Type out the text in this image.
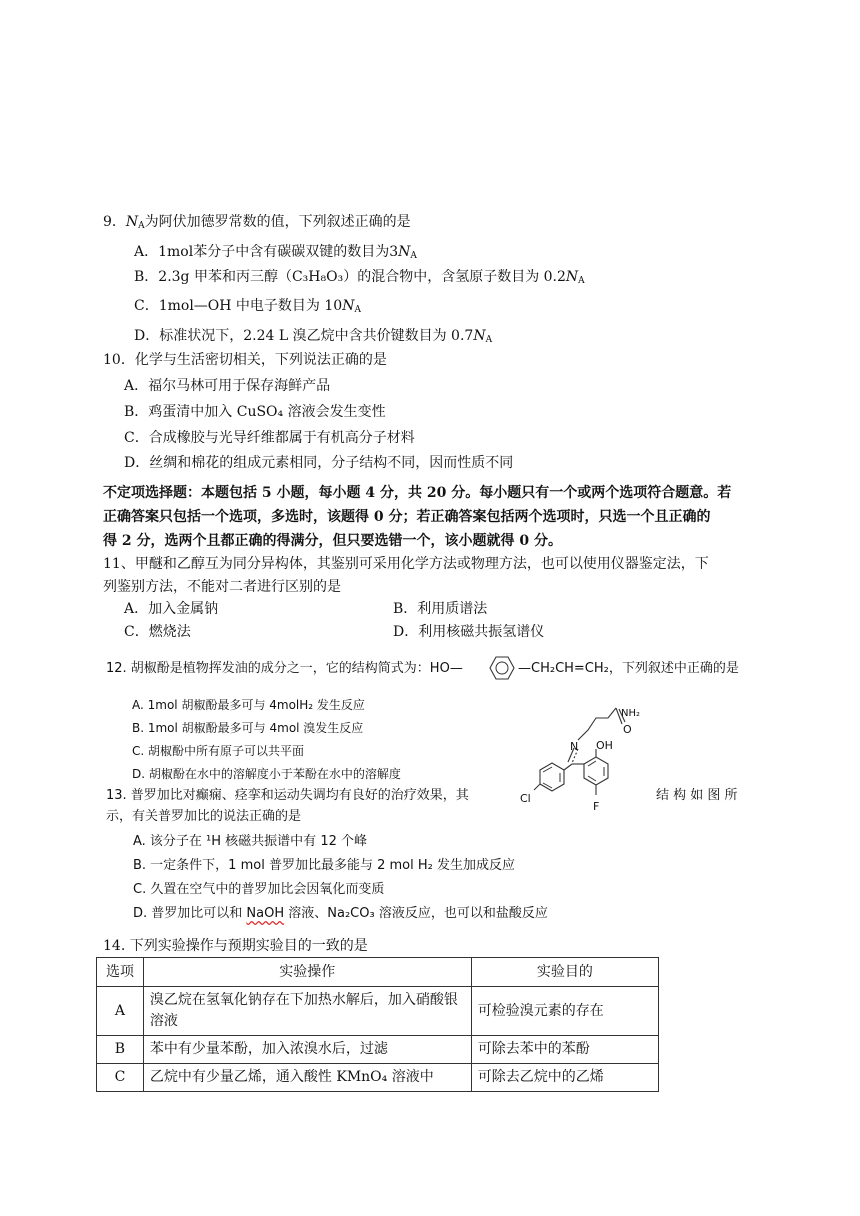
9．$N_A$为阿伏加德罗常数的值，下列叙述正确的是
A．1mol苯分子中含有碳碳双键的数目为$3N_A$
B．2.3g 甲苯和丙三醇（C₃H₈O₃）的混合物中，含氢原子数目为 $0.2N_A$
C．1mol—OH 中电子数目为 $10N_A$
D．标准状况下，2.24 L 溴乙烷中含共价键数目为 $0.7N_A$
10．化学与生活密切相关，下列说法正确的是
A．福尔马林可用于保存海鲜产品
B．鸡蛋清中加入 CuSO₄ 溶液会发生变性
C．合成橡胶与光导纤维都属于有机高分子材料
D．丝绸和棉花的组成元素相同，分子结构不同，因而性质不同
不定项选择题：本题包括 5 小题，每小题 4 分，共 20 分。每小题只有一个或两个选项符合题意。若
正确答案只包括一个选项，多选时，该题得 0 分；若正确答案包括两个选项时，只选一个且正确的
得 2 分，选两个且都正确的得满分，但只要选错一个，该小题就得 0 分。
11、甲醚和乙醇互为同分异构体，其鉴别可采用化学方法或物理方法，也可以使用仪器鉴定法，下
列鉴别方法，不能对二者进行区别的是
A．加入金属钠	B．利用质谱法
C．燃烧法	D．利用核磁共振氢谱仪
12. 胡椒酚是植物挥发油的成分之一，它的结构简式为：HO—	—CH₂CH=CH₂，下列叙述中正确的是
A. 1mol 胡椒酚最多可与 4molH₂ 发生反应
B. 1mol 胡椒酚最多可与 4mol 溴发生反应
C. 胡椒酚中所有原子可以共平面
D. 胡椒酚在水中的溶解度小于苯酚在水中的溶解度
NH₂
O
N OH
Cl
F
13. 普罗加比对癫痫、痉挛和运动失调均有良好的治疗效果，其	结 构 如 图 所
示，有关普罗加比的说法正确的是
A. 该分子在 ¹H 核磁共振谱中有 12 个峰
B. 一定条件下，1 mol 普罗加比最多能与 2 mol H₂ 发生加成反应
C. 久置在空气中的普罗加比会因氧化而变质
D. 普罗加比可以和 NaOH 溶液、Na₂CO₃ 溶液反应，也可以和盐酸反应
14. 下列实验操作与预期实验目的一致的是
选项	实验操作	实验目的
A	溴乙烷在氢氧化钠存在下加热水解后，加入硝酸银溶液	可检验溴元素的存在
B	苯中有少量苯酚，加入浓溴水后，过滤	可除去苯中的苯酚
C	乙烷中有少量乙烯，通入酸性 KMnO₄ 溶液中	可除去乙烷中的乙烯
